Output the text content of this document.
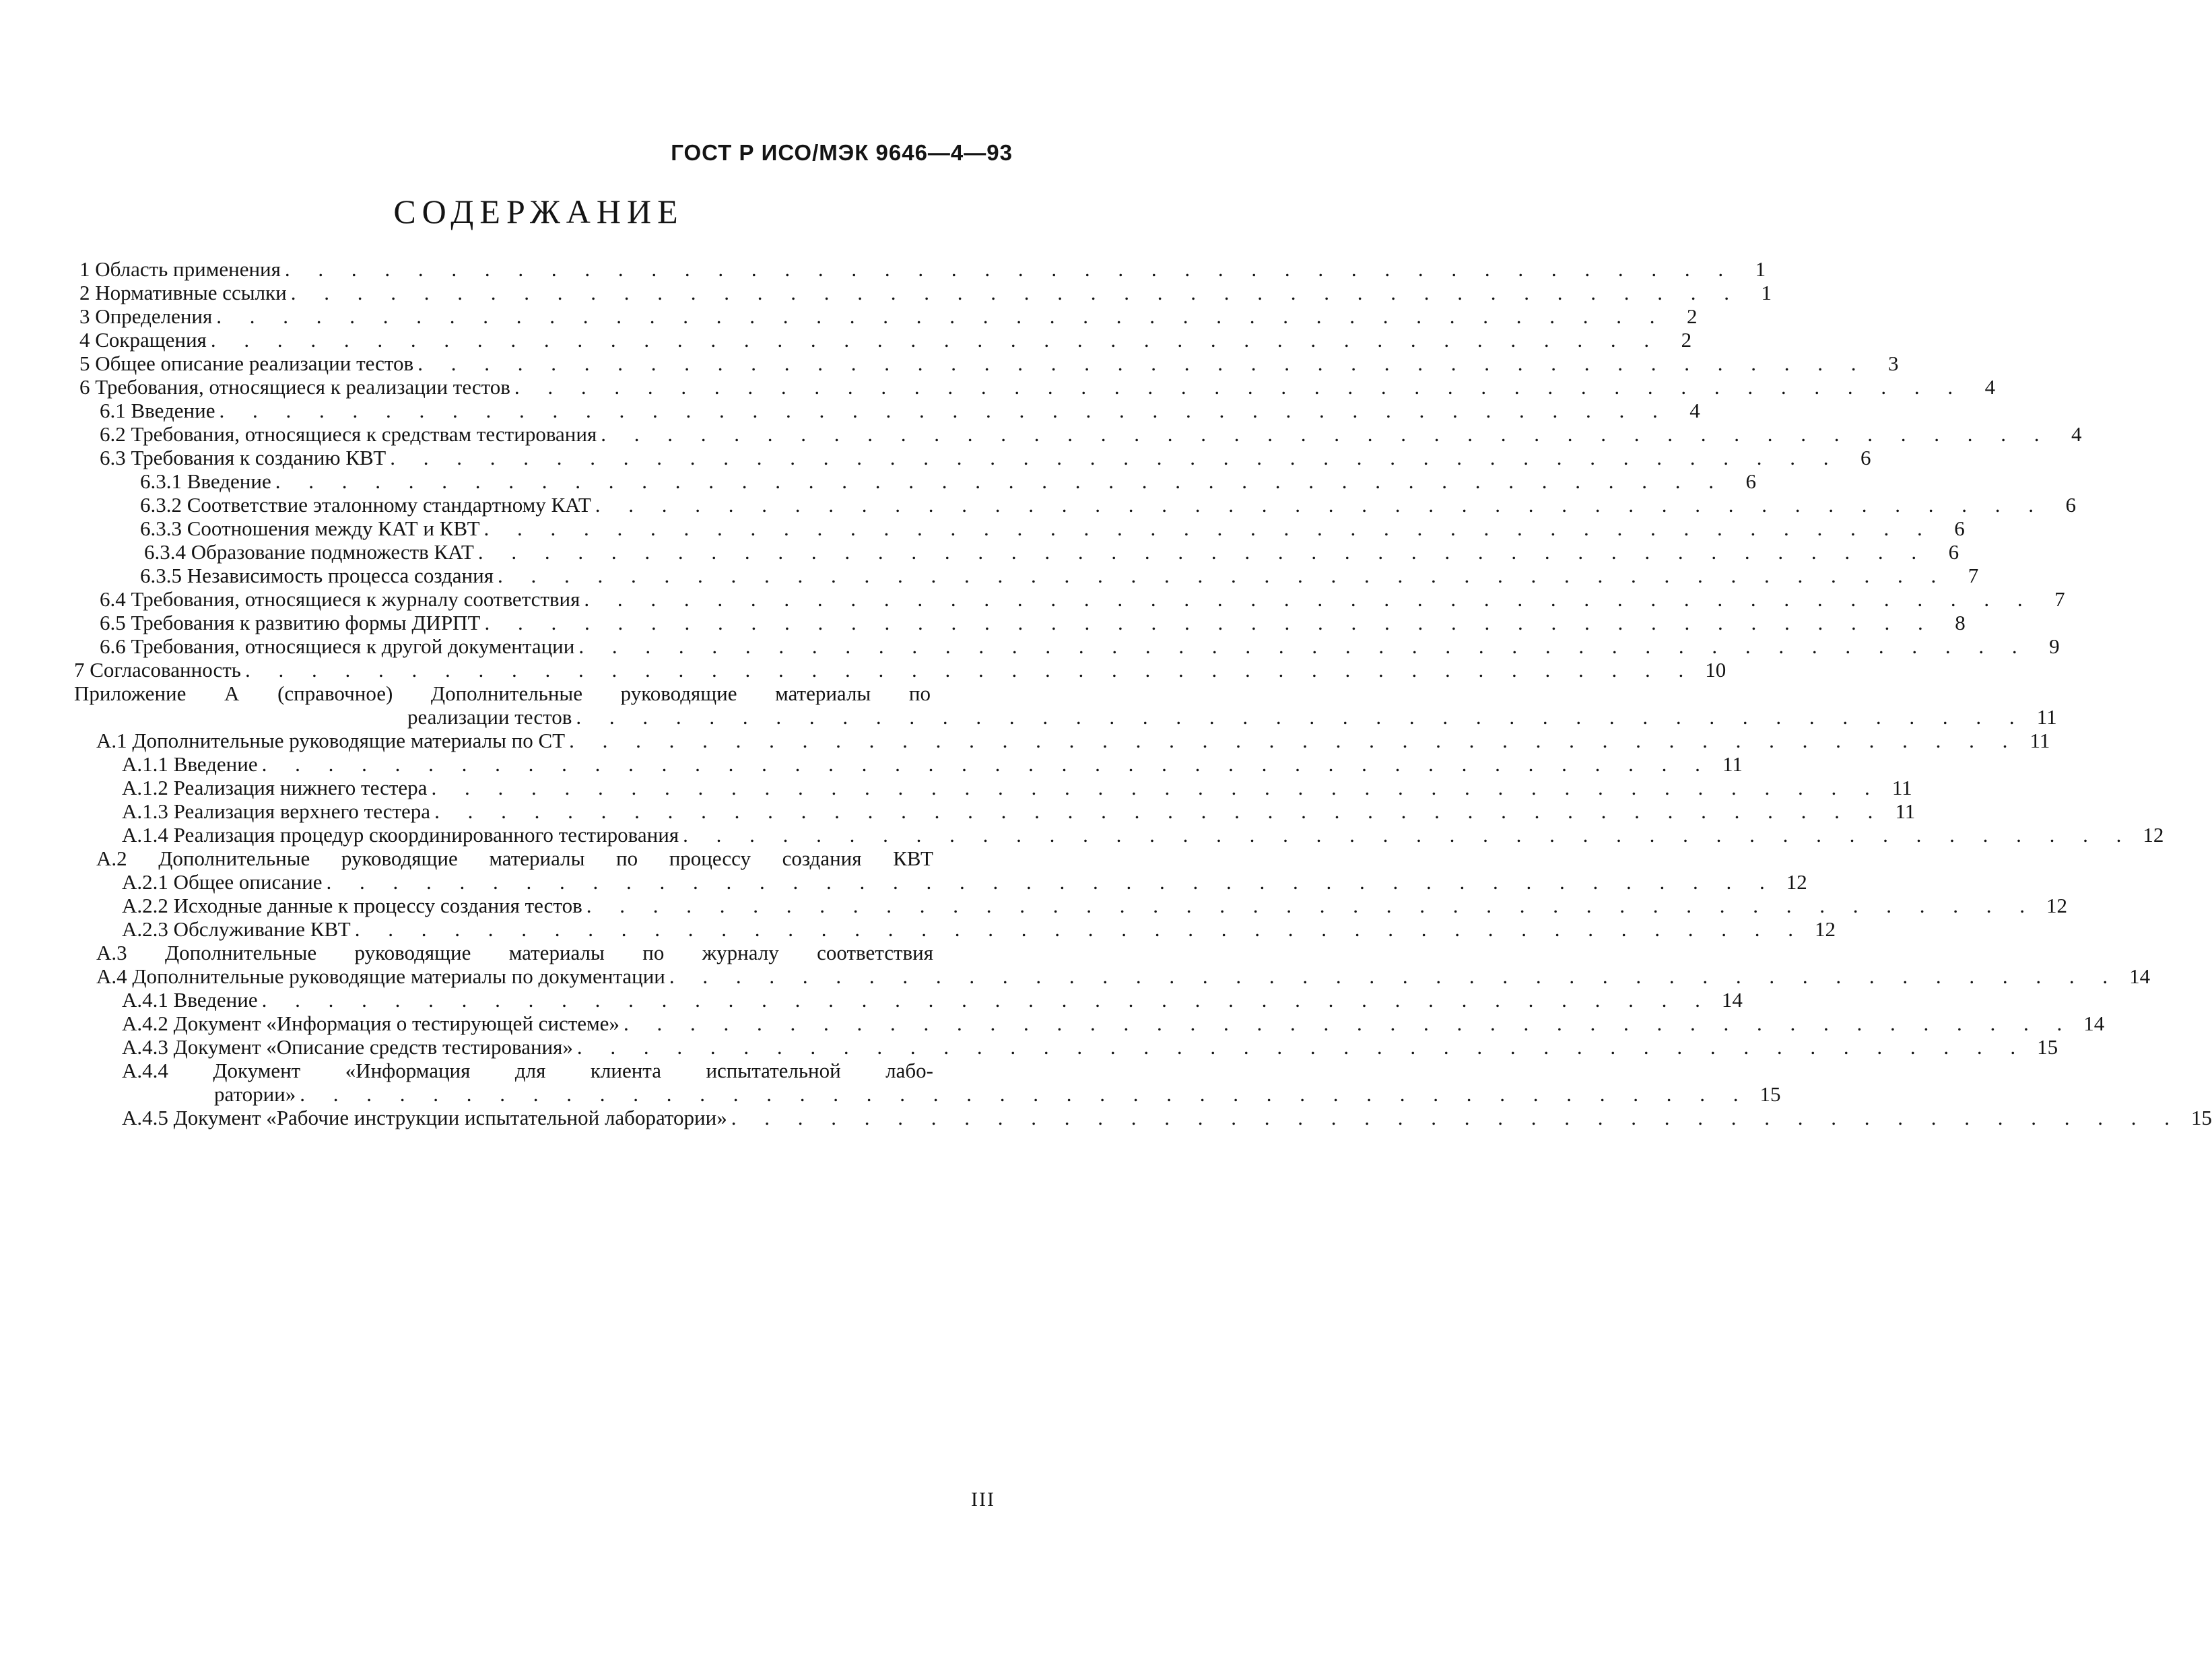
ГОСТ Р ИСО/МЭК 9646—4—93
СОДЕРЖАНИЕ
1 Область применения . . . . . . . . . . . . . . . . . . . . . . . . . . . . . . . . . . . . . . . . . . . . 1
2 Нормативные ссылки . . . . . . . . . . . . . . . . . . . . . . . . . . . . . . . . . . . . . . . . . . . . 1
3 Определения . . . . . . . . . . . . . . . . . . . . . . . . . . . . . . . . . . . . . . . . . . . . 2
4 Сокращения . . . . . . . . . . . . . . . . . . . . . . . . . . . . . . . . . . . . . . . . . . . . 2
5 Общее описание реализации тестов . . . . . . . . . . . . . . . . . . . . . . . . . . . . . . . . . . . . . . . . . . . . 3
6 Требования, относящиеся к реализации тестов . . . . . . . . . . . . . . . . . . . . . . . . . . . . . . . . . . . . . . . . . . . . 4
6.1 Введение . . . . . . . . . . . . . . . . . . . . . . . . . . . . . . . . . . . . . . . . . . . . 4
6.2 Требования, относящиеся к средствам тестирования . . . . . . . . . . . . . . . . . . . . . . . . . . . . . . . . . . . . . . . . . . . . 4
6.3 Требования к созданию КВТ . . . . . . . . . . . . . . . . . . . . . . . . . . . . . . . . . . . . . . . . . . . . 6
6.3.1 Введение . . . . . . . . . . . . . . . . . . . . . . . . . . . . . . . . . . . . . . . . . . . . 6
6.3.2 Соответствие эталонному стандартному КАТ . . . . . . . . . . . . . . . . . . . . . . . . . . . . . . . . . . . . . . . . . . . . 6
6.3.3 Соотношения между КАТ и КВТ . . . . . . . . . . . . . . . . . . . . . . . . . . . . . . . . . . . . . . . . . . . . 6
6.3.4 Образование подмножеств КАТ . . . . . . . . . . . . . . . . . . . . . . . . . . . . . . . . . . . . . . . . . . . . 6
6.3.5 Независимость процесса создания . . . . . . . . . . . . . . . . . . . . . . . . . . . . . . . . . . . . . . . . . . . . 7
6.4 Требования, относящиеся к журналу соответствия . . . . . . . . . . . . . . . . . . . . . . . . . . . . . . . . . . . . . . . . . . . . 7
6.5 Требования к развитию формы ДИРПТ . . . . . . . . . . . . . . . . . . . . . . . . . . . . . . . . . . . . . . . . . . . . 8
6.6 Требования, относящиеся к другой документации . . . . . . . . . . . . . . . . . . . . . . . . . . . . . . . . . . . . . . . . . . . . 9
7 Согласованность . . . . . . . . . . . . . . . . . . . . . . . . . . . . . . . . . . . . . . . . . . . . 10
Приложение А (справочное) Дополнительные руководящие материалы по
реализации тестов . . . . . . . . . . . . . . . . . . . . . . . . . . . . . . . . . . . . . . . . . . . . 11
А.1 Дополнительные руководящие материалы по СТ . . . . . . . . . . . . . . . . . . . . . . . . . . . . . . . . . . . . . . . . . . . . 11
А.1.1 Введение . . . . . . . . . . . . . . . . . . . . . . . . . . . . . . . . . . . . . . . . . . . . 11
А.1.2 Реализация нижнего тестера . . . . . . . . . . . . . . . . . . . . . . . . . . . . . . . . . . . . . . . . . . . . 11
А.1.3 Реализация верхнего тестера . . . . . . . . . . . . . . . . . . . . . . . . . . . . . . . . . . . . . . . . . . . . 11
А.1.4 Реализация процедур скоординированного тестирования . . . . . . . . . . . . . . . . . . . . . . . . . . . . . . . . . . . . . . . . . . . . 12
А.2 Дополнительные руководящие материалы по процессу создания КВТ
А.2.1 Общее описание . . . . . . . . . . . . . . . . . . . . . . . . . . . . . . . . . . . . . . . . . . . . 12
А.2.2 Исходные данные к процессу создания тестов . . . . . . . . . . . . . . . . . . . . . . . . . . . . . . . . . . . . . . . . . . . . 12
А.2.3 Обслуживание КВТ . . . . . . . . . . . . . . . . . . . . . . . . . . . . . . . . . . . . . . . . . . . . 12
А.3 Дополнительные руководящие материалы по журналу соответствия
А.4 Дополнительные руководящие материалы по документации . . . . . . . . . . . . . . . . . . . . . . . . . . . . . . . . . . . . . . . . . . . . 14
А.4.1 Введение . . . . . . . . . . . . . . . . . . . . . . . . . . . . . . . . . . . . . . . . . . . . 14
А.4.2 Документ «Информация о тестирующей системе» . . . . . . . . . . . . . . . . . . . . . . . . . . . . . . . . . . . . . . . . . . . . 14
А.4.3 Документ «Описание средств тестирования» . . . . . . . . . . . . . . . . . . . . . . . . . . . . . . . . . . . . . . . . . . . . 15
А.4.4 Документ «Информация для клиента испытательной лабо-
ратории» . . . . . . . . . . . . . . . . . . . . . . . . . . . . . . . . . . . . . . . . . . . . 15
А.4.5 Документ «Рабочие инструкции испытательной лаборатории» . . . . . . . . . . . . . . . . . . . . . . . . . . . . . . . . . . . . . . . . . . . . 15
III
